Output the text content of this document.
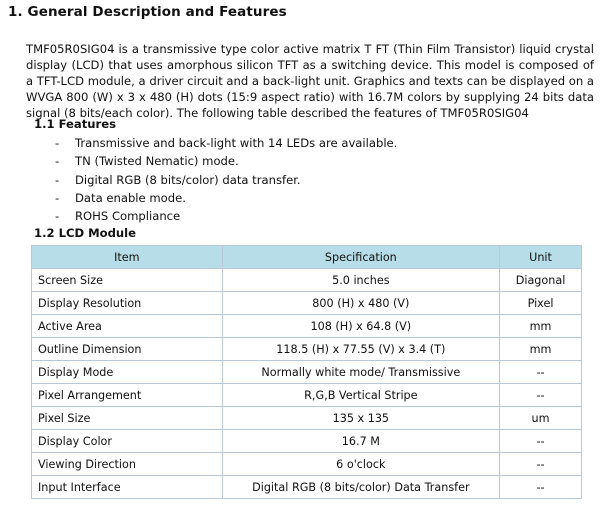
1. General Description and Features

TMF05R0SIG04 is a transmissive type color active matrix T FT (Thin Film Transistor) liquid crystal display (LCD) that uses amorphous silicon TFT as a switching device. This model is composed of a TFT-LCD module, a driver circuit and a back-light unit. Graphics and texts can be displayed on a WVGA 800 (W) x 3 x 480 (H) dots (15:9 aspect ratio) with 16.7M colors by supplying 24 bits data signal (8 bits/each color). The following table described the features of TMF05R0SIG04

1.1 Features
- Transmissive and back-light with 14 LEDs are available.
- TN (Twisted Nematic) mode.
- Digital RGB (8 bits/color) data transfer.
- Data enable mode.
- ROHS Compliance
1.2 LCD Module
Item	Specification	Unit
Screen Size	5.0 inches	Diagonal
Display Resolution	800 (H) x 480 (V)	Pixel
Active Area	108 (H) x 64.8 (V)	mm
Outline Dimension	118.5 (H) x 77.55 (V) x 3.4 (T)	mm
Display Mode	Normally white mode/ Transmissive	--
Pixel Arrangement	R,G,B Vertical Stripe	--
Pixel Size	135 x 135	um
Display Color	16.7 M	--
Viewing Direction	6 o'clock	--
Input Interface	Digital RGB (8 bits/color) Data Transfer	--
